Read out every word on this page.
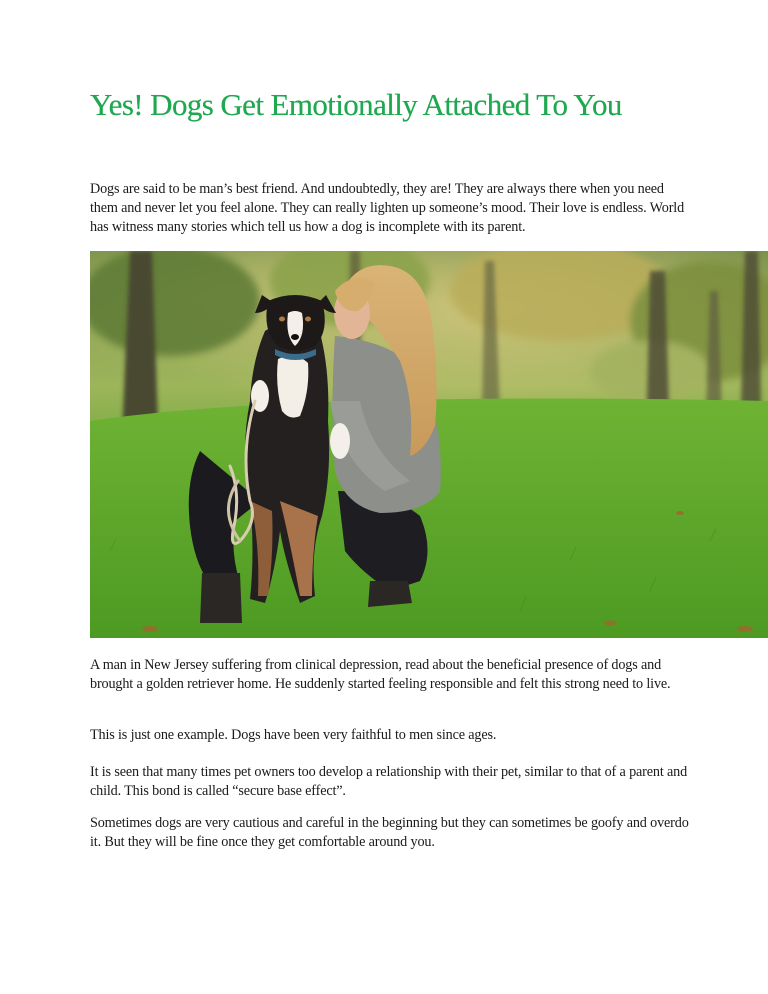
Yes! Dogs Get Emotionally Attached To You

Dogs are said to be man’s best friend. And undoubtedly, they are! They are always there when you need them and never let you feel alone. They can really lighten up someone’s mood. Their love is endless. World has witness many stories which tell us how a dog is incomplete with its parent.

A man in New Jersey suffering from clinical depression, read about the beneficial presence of dogs and brought a golden retriever home. He suddenly started feeling responsible and felt this strong need to live.

This is just one example. Dogs have been very faithful to men since ages.

It is seen that many times pet owners too develop a relationship with their pet, similar to that of a parent and child. This bond is called “secure base effect”.

Sometimes dogs are very cautious and careful in the beginning but they can sometimes be goofy and overdo it. But they will be fine once they get comfortable around you.
